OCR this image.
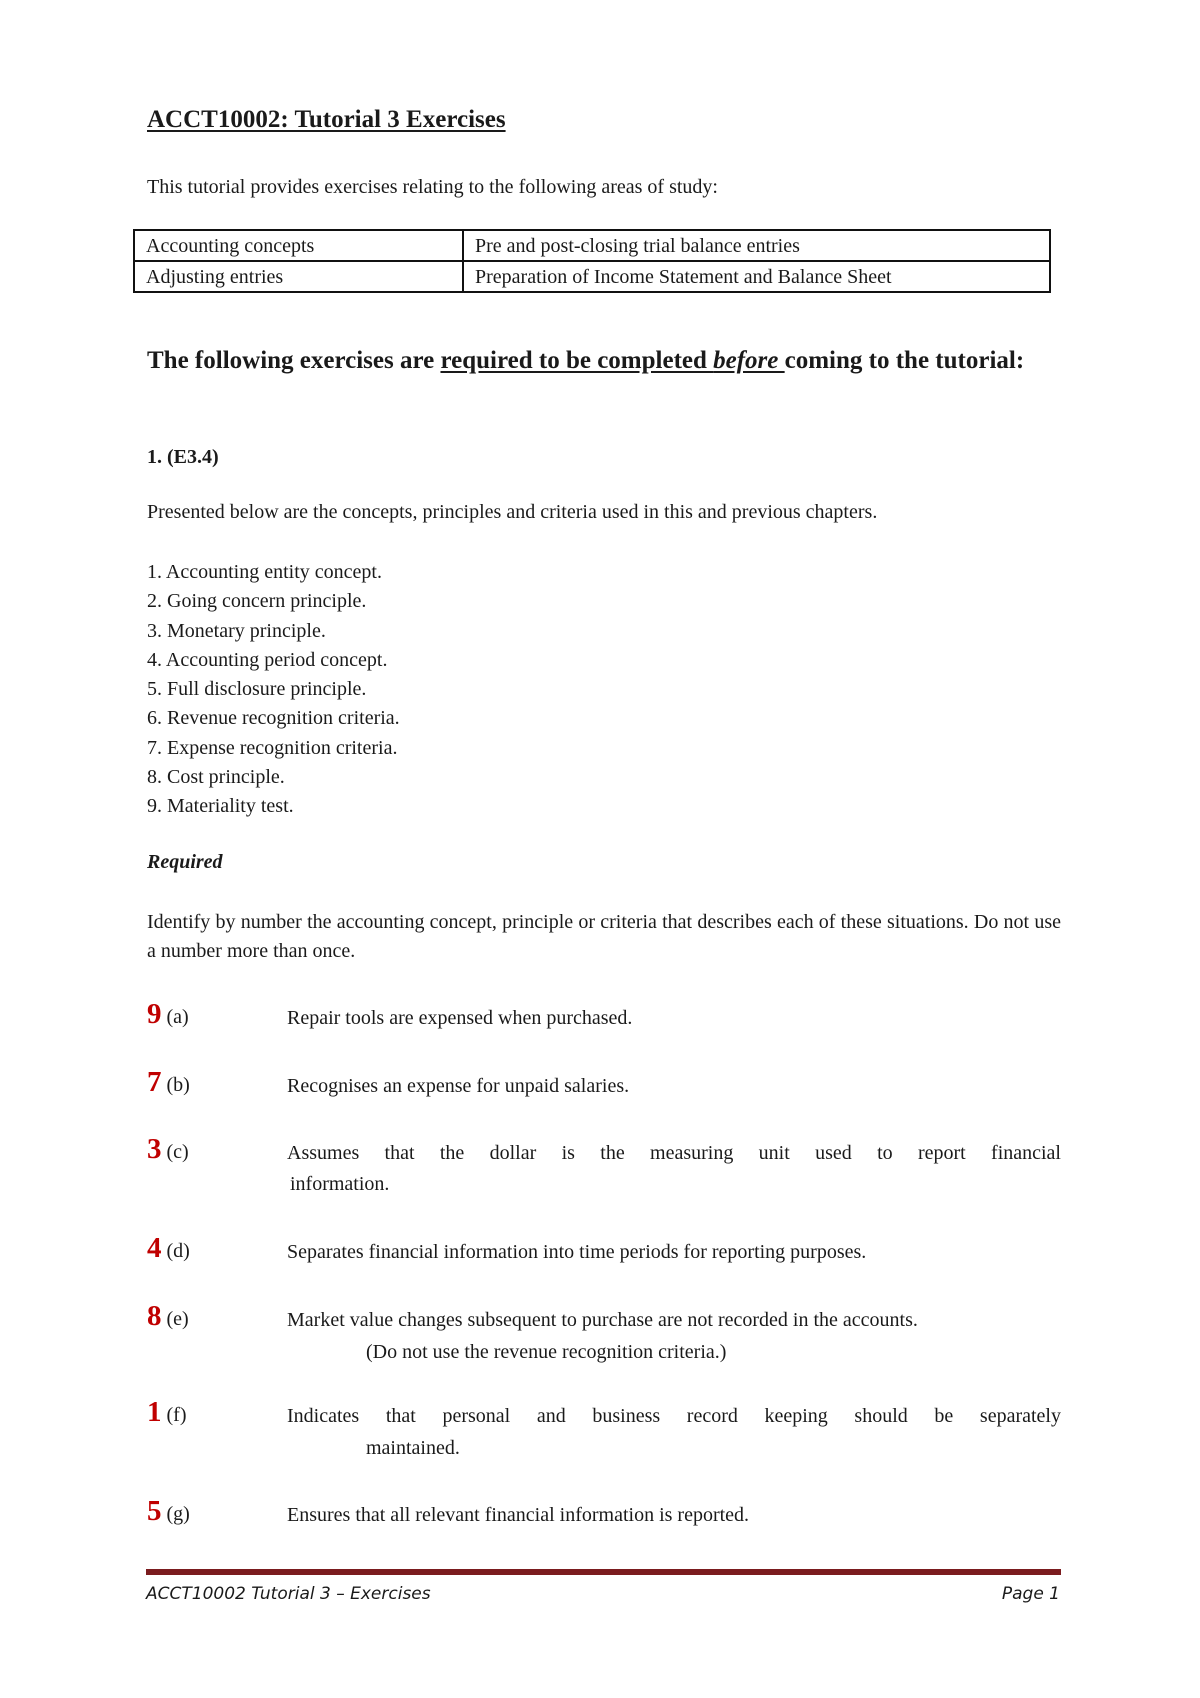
ACCT10002: Tutorial 3 Exercises
This tutorial provides exercises relating to the following areas of study:
Accounting concepts	Pre and post-closing trial balance entries
Adjusting entries	Preparation of Income Statement and Balance Sheet
The following exercises are required to be completed before coming to the tutorial:
1. (E3.4)
Presented below are the concepts, principles and criteria used in this and previous chapters.
1. Accounting entity concept.
2. Going concern principle.
3. Monetary principle.
4. Accounting period concept.
5. Full disclosure principle.
6. Revenue recognition criteria.
7. Expense recognition criteria.
8. Cost principle.
9. Materiality test.
Required
Identify by number the accounting concept, principle or criteria that describes each of these situations. Do not use a number more than once.
9 (a)	Repair tools are expensed when purchased.
7 (b)	Recognises an expense for unpaid salaries.
3 (c)	Assumes that the dollar is the measuring unit used to report financial
information.
4 (d)	Separates financial information into time periods for reporting purposes.
8 (e)	Market value changes subsequent to purchase are not recorded in the accounts.
(Do not use the revenue recognition criteria.)
1 (f)	Indicates that personal and business record keeping should be separately
maintained.
5 (g)	Ensures that all relevant financial information is reported.
ACCT10002 Tutorial 3 – Exercises	Page 1
